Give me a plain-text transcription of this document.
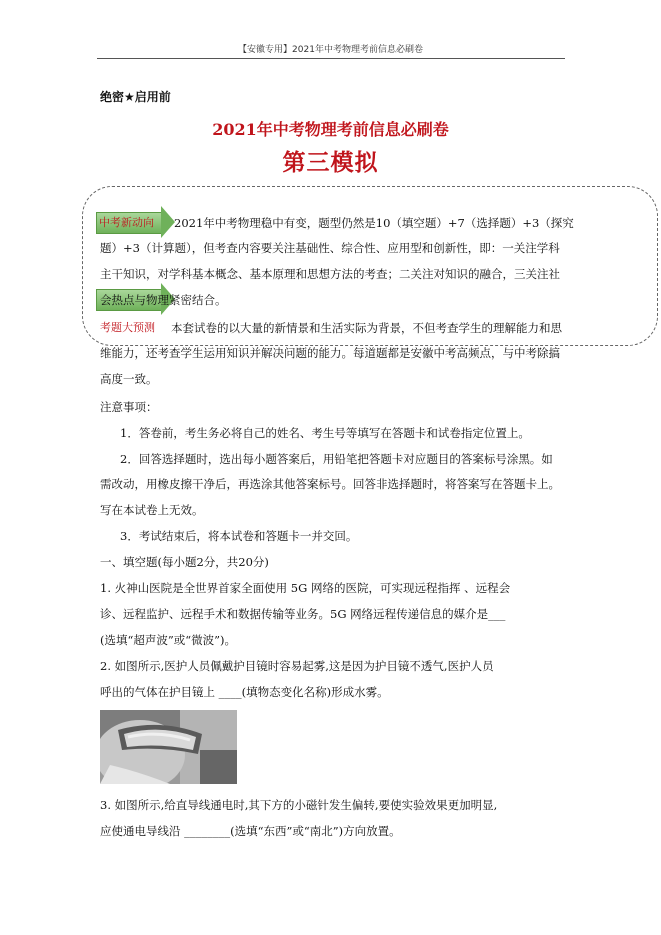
【安徽专用】2021年中考物理考前信息必刷卷
绝密★启用前
2021年中考物理考前信息必刷卷
第三模拟
中考新动向 2021年中考物理稳中有变，题型仍然是10（填空题）+7（选择题）+3（探究
题）+3（计算题），但考查内容要关注基础性、综合性、应用型和创新性，即：一关注学科
主干知识，对学科基本概念、基本原理和思想方法的考查；二关注对知识的融合，三关注社
会热点与物理紧密结合。
考题大预测 本套试卷的以大量的新情景和生活实际为背景，不但考查学生的理解能力和思
维能力，还考查学生运用知识并解决问题的能力。每道题都是安徽中考高频点，与中考除搞
高度一致。
注意事项：
1．答卷前，考生务必将自己的姓名、考生号等填写在答题卡和试卷指定位置上。
2．回答选择题时，选出每小题答案后，用铅笔把答题卡对应题目的答案标号涂黑。如
需改动，用橡皮擦干净后，再选涂其他答案标号。回答非选择题时，将答案写在答题卡上。
写在本试卷上无效。
3．考试结束后，将本试卷和答题卡一并交回。
一、填空题(每小题2分，共20分)
1. 火神山医院是全世界首家全面使用 5G 网络的医院，可实现远程指挥 、远程会
诊、远程监护、远程手术和数据传输等业务。5G 网络远程传递信息的媒介是___
(选填“超声波”或“微波”)。
2. 如图所示,医护人员佩戴护目镜时容易起雾,这是因为护目镜不透气,医护人员
呼出的气体在护目镜上 ____(填物态变化名称)形成水雾。
3. 如图所示,给直导线通电时,其下方的小磁针发生偏转,要使实验效果更加明显,
应使通电导线沿 ________(选填“东西”或“南北”)方向放置。
